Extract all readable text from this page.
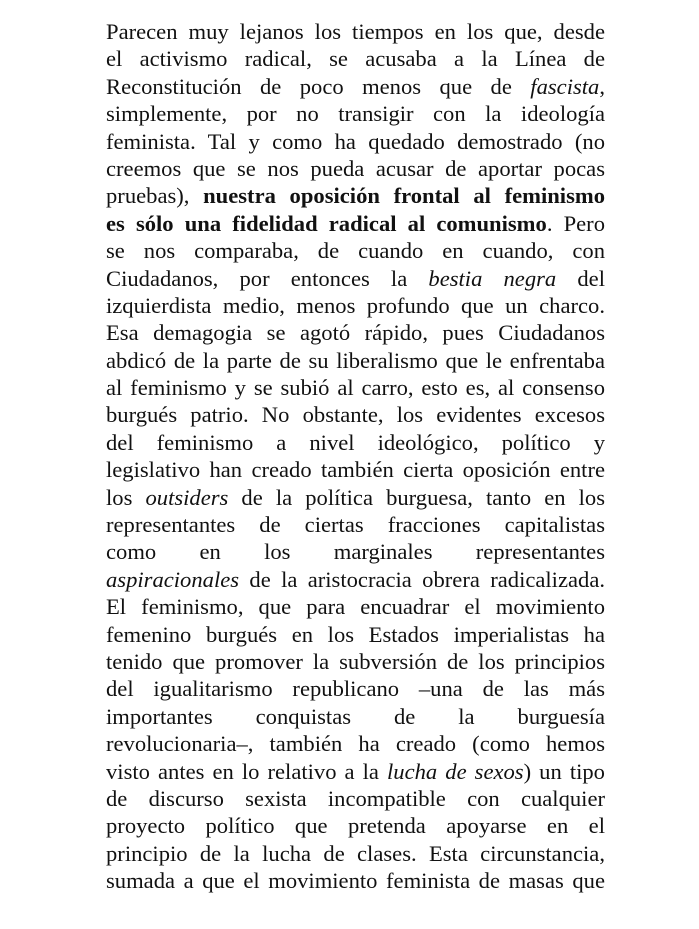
Parecen muy lejanos los tiempos en los que, desde
el activismo radical, se acusaba a la Línea de
Reconstitución de poco menos que de fascista,
simplemente, por no transigir con la ideología
feminista. Tal y como ha quedado demostrado (no
creemos que se nos pueda acusar de aportar pocas
pruebas), nuestra oposición frontal al feminismo
es sólo una fidelidad radical al comunismo. Pero
se nos comparaba, de cuando en cuando, con
Ciudadanos, por entonces la bestia negra del
izquierdista medio, menos profundo que un charco.
Esa demagogia se agotó rápido, pues Ciudadanos
abdicó de la parte de su liberalismo que le enfrentaba
al feminismo y se subió al carro, esto es, al consenso
burgués patrio. No obstante, los evidentes excesos
del feminismo a nivel ideológico, político y
legislativo han creado también cierta oposición entre
los outsiders de la política burguesa, tanto en los
representantes de ciertas fracciones capitalistas
como en los marginales representantes
aspiracionales de la aristocracia obrera radicalizada.
El feminismo, que para encuadrar el movimiento
femenino burgués en los Estados imperialistas ha
tenido que promover la subversión de los principios
del igualitarismo republicano –una de las más
importantes conquistas de la burguesía
revolucionaria–, también ha creado (como hemos
visto antes en lo relativo a la lucha de sexos) un tipo
de discurso sexista incompatible con cualquier
proyecto político que pretenda apoyarse en el
principio de la lucha de clases. Esta circunstancia,
sumada a que el movimiento feminista de masas que
